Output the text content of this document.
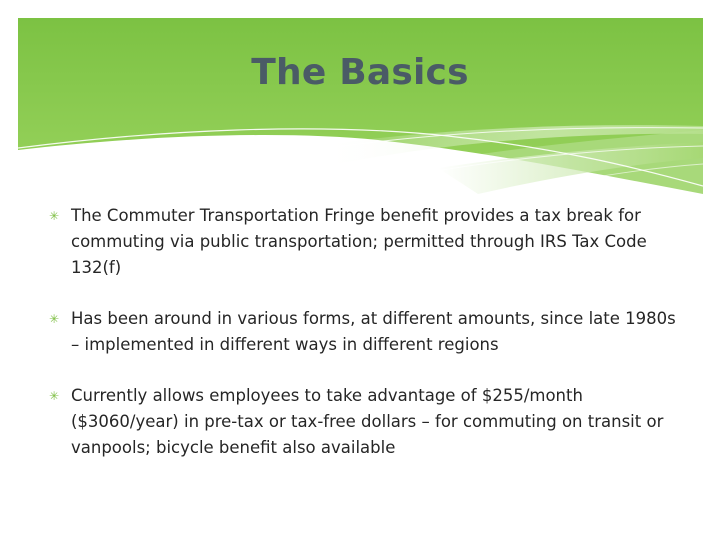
The Basics
✳ The Commuter Transportation Fringe benefit provides a tax break for commuting via public transportation; permitted through IRS Tax Code 132(f)
✳ Has been around in various forms, at different amounts, since late 1980s – implemented in different ways in different regions
✳ Currently allows employees to take advantage of $255/month ($3060/year) in pre-tax or tax-free dollars – for commuting on transit or vanpools; bicycle benefit also available
